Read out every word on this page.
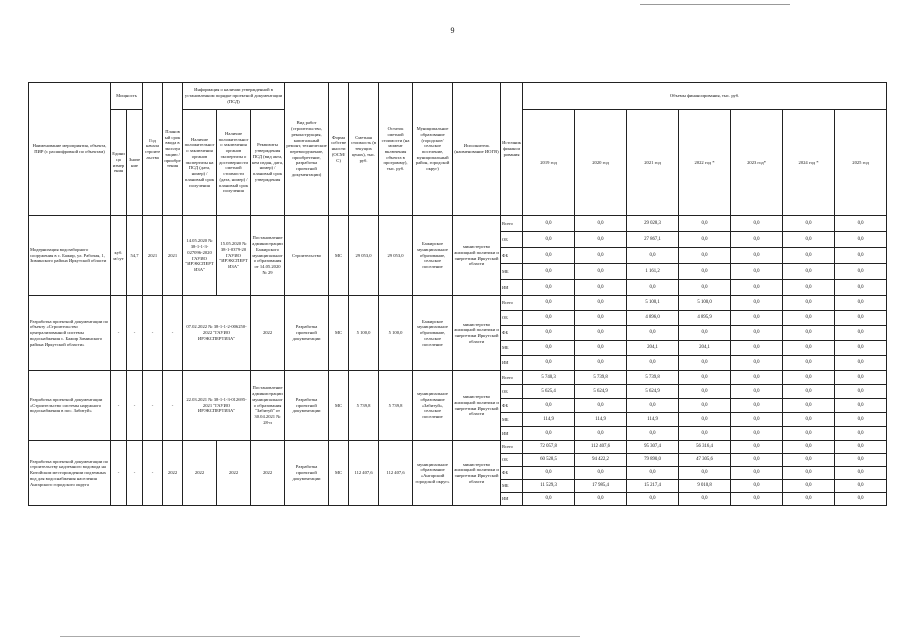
9
Наименование мероприятия, объекта, ПИР (с расшифровкой по объектам)	Мощность		Год начала строительства	Плановый срок ввода в эксплуатацию / приобретения	Информация о наличии утвержденной в установленном порядке проектной документации (ПСД)			Вид работ (строительство, реконструкция, капитальный ремонт, технические перевооружение, приобретение, разработка проектной документации)	Форма собственности (ОСМ/С)	Сметная стоимость (в текущих ценах), тыс. руб.	Остаток сметной стоимости (на момент включения объекта в программу), тыс. руб.	Муниципальное образование (городское/сельское поселение, муниципальный район, городской округ)	Исполнитель (наименование ИОГВ)	Источник финансирования	Объемы финансирования, тыс. руб.						
	Единица измерения	Значение			Наличие положительного заключения органов экспертизы на ПСД (дата, номер) / плановый срок получения	Наличие положительного заключения органов экспертизы о достоверности сметной стоимости (дата, номер) / плановый срок получения	Реквизиты утверждения ПСД (вид акта, кем издан, дата, номер) / плановый срок утверждения								2019 год	2020 год	2021 год	2022 год *	2023 год*	2024 год *	2025 год
Модернизация водозаборного сооружения в с. Бажир, ул. Рабочая, 1, Зиминского района Иркутской области	куб. м/сут	54,7	2021	2021	14.05.2020 № 38-1-1-3-027096-2020 ГАУИО "ИРЭКСПЕРТИЗА"	15.05.2020 № 38-1-0379-20 ГАУИО "ИРЭКСПЕРТИЗА"	Постановление администрации Бажирского муниципального образования от 14.05.2020 № 29	Строительство	МС	29 053,0	29 053,0	Бажирское муниципальное образование, сельское поселение	министерство жилищной политики и энергетики Иркутской области	Всего	0,0	0,0	29 028,3	0,0	0,0	0,0	0,0
														ОБ	0,0	0,0	27 867,1	0,0	0,0	0,0	0,0
														ФБ	0,0	0,0	0,0	0,0	0,0	0,0	0,0
														МБ	0,0	0,0	1 161,2	0,0	0,0	0,0	0,0
														ИИ	0,0	0,0	0,0	0,0	0,0	0,0	0,0
Разработка проектной документации по объекту «Строительство централизованной системы водоснабжения с. Бажир Зиминского района Иркутской области»	-	-	-	-	07.02.2022 № 38-1-1-2-006250-2022 "ГАУИО ИРЭКСПЕРТИЗА"		2022	Разработка проектной документации	МС	5 100,0	5 100,0	Бажирское муниципальное образование, сельское поселение	министерство жилищной политики и энергетики Иркутской области	Всего	0,0	0,0	5 100,1	5 100,0	0,0	0,0	0,0
														ОБ	0,0	0,0	4 896,0	4 895,9	0,0	0,0	0,0
														ФБ	0,0	0,0	0,0	0,0	0,0	0,0	0,0
														МБ	0,0	0,0	204,1	204,1	0,0	0,0	0,0
														ИИ	0,0	0,0	0,0	0,0	0,0	0,0	0,0
Разработка проектной документации «Строительство системы наружного водоснабжения в пос. Забитуй»	-	-	-	-	22.03.2021 № 38-1-1-3-012695-2021 "ГАУИО ИРЭКСПЕРТИЗА"		Постановление администрации муниципального образования "Забитуй" от 30.04.2021 № 28-п	Разработка проектной документации	МС	5 739,8	5 739,8	муниципальное образование «Забитуй», сельское поселение	министерство жилищной политики и энергетики Иркутской области	Всего	5 740,3	5 739,8	5 739,8	0,0	0,0	0,0	0,0
														ОБ	5 625,4	5 624,9	5 624,9	0,0	0,0	0,0	0,0
														ФБ	0,0	0,0	0,0	0,0	0,0	0,0	0,0
														МБ	114,9	114,9	114,9	0,0	0,0	0,0	0,0
														ИИ	0,0	0,0	0,0	0,0	0,0	0,0	0,0
Разработка проектной документации по строительству надземного водовода на Китойском месторождении подземных вод для водоснабжения населения Ангарского городского округа	-	-	-	2022	2022	2022	2022	Разработка проектной документации	МС	112 407,6	112 407,6	муниципальное образование «Ангарский городской округ»	министерство жилищной политики и энергетики Иркутской области	Всего	72 057,8	112 407,6	95 307,4	56 316,4	0,0	0,0	0,0
														ОБ	60 528,5	94 422,2	79 890,0	47 305,6	0,0	0,0	0,0
														ФБ	0,0	0,0	0,0	0,0	0,0	0,0	0,0
														МБ	11 529,3	17 985,4	15 217,4	9 010,8	0,0	0,0	0,0
														ИИ	0,0	0,0	0,0	0,0	0,0	0,0	0,0
